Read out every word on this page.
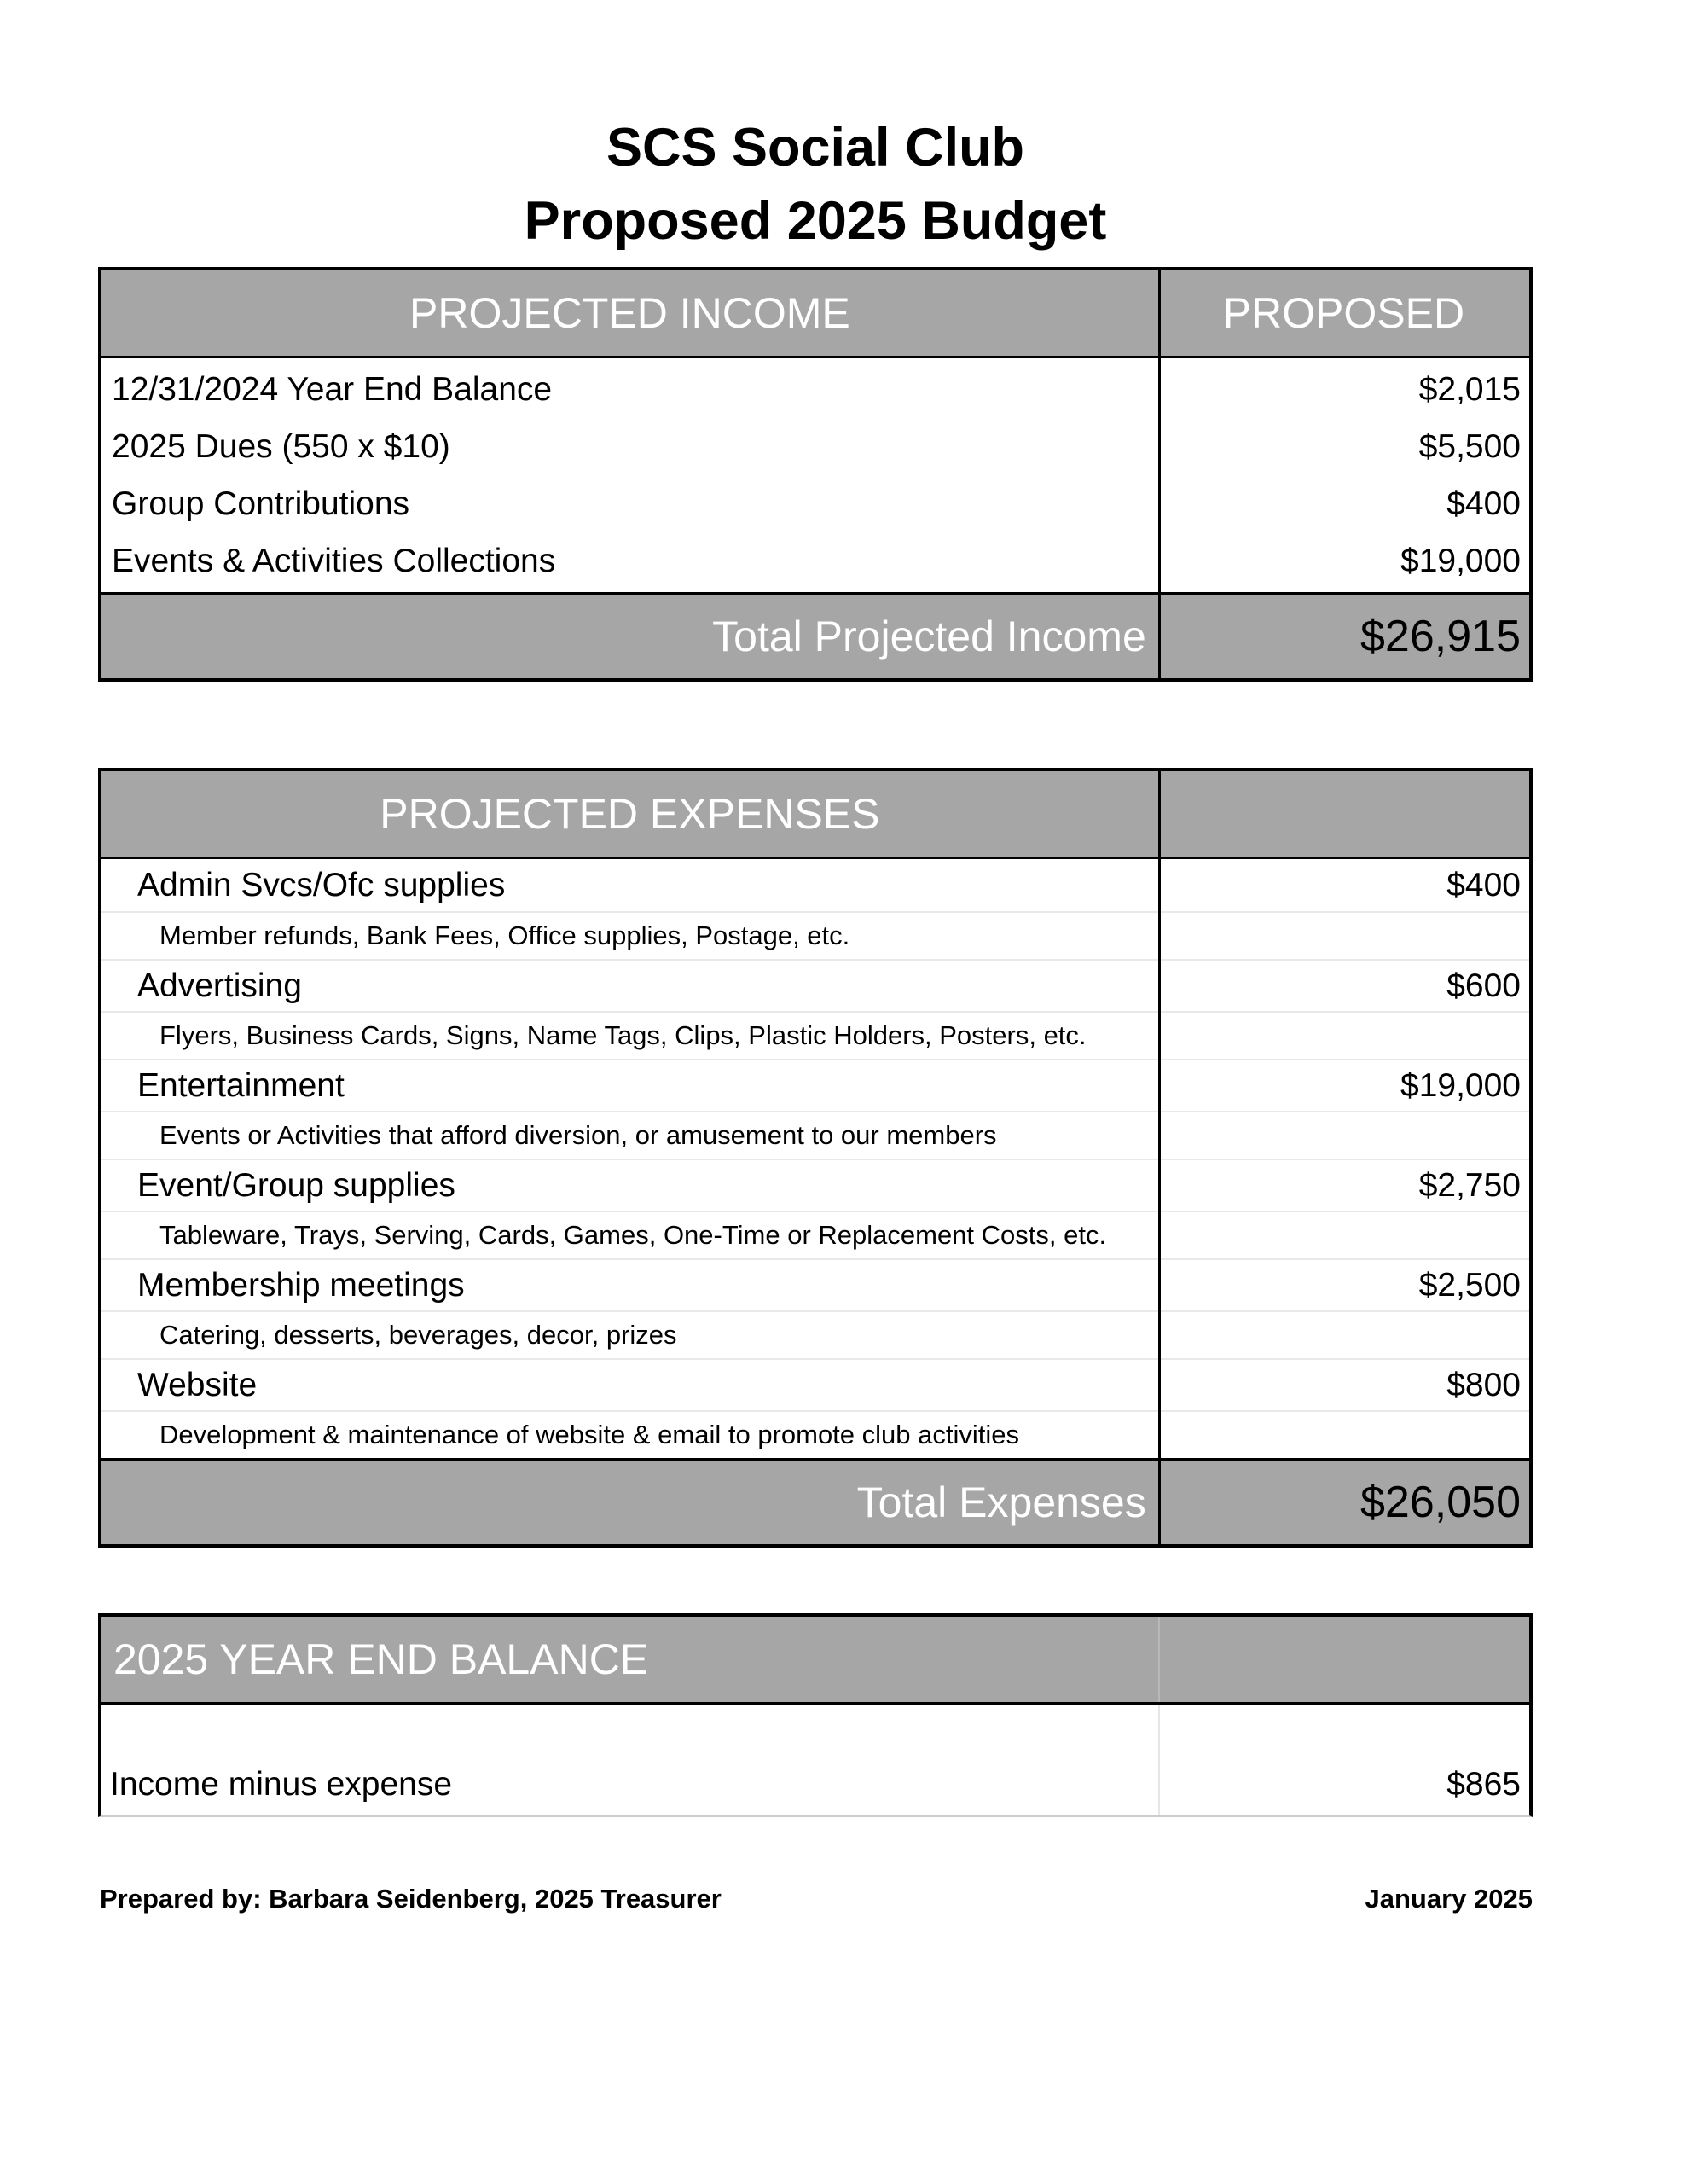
SCS Social Club
Proposed 2025 Budget
PROJECTED INCOME	PROPOSED
12/31/2024 Year End Balance	$2,015
2025 Dues (550 x $10)	$5,500
Group Contributions	$400
Events & Activities Collections	$19,000
Total Projected Income	$26,915
PROJECTED EXPENSES
Admin Svcs/Ofc supplies	$400
Member refunds, Bank Fees, Office supplies, Postage, etc.
Advertising	$600
Flyers, Business Cards, Signs, Name Tags, Clips, Plastic Holders, Posters, etc.
Entertainment	$19,000
Events or Activities that afford diversion, or amusement to our members
Event/Group supplies	$2,750
Tableware, Trays, Serving, Cards, Games, One-Time or Replacement Costs, etc.
Membership meetings	$2,500
Catering, desserts, beverages, decor, prizes
Website	$800
Development & maintenance of website & email to promote club activities
Total Expenses	$26,050
2025 YEAR END BALANCE
Income minus expense	$865
Prepared by: Barbara Seidenberg, 2025 Treasurer	January 2025
